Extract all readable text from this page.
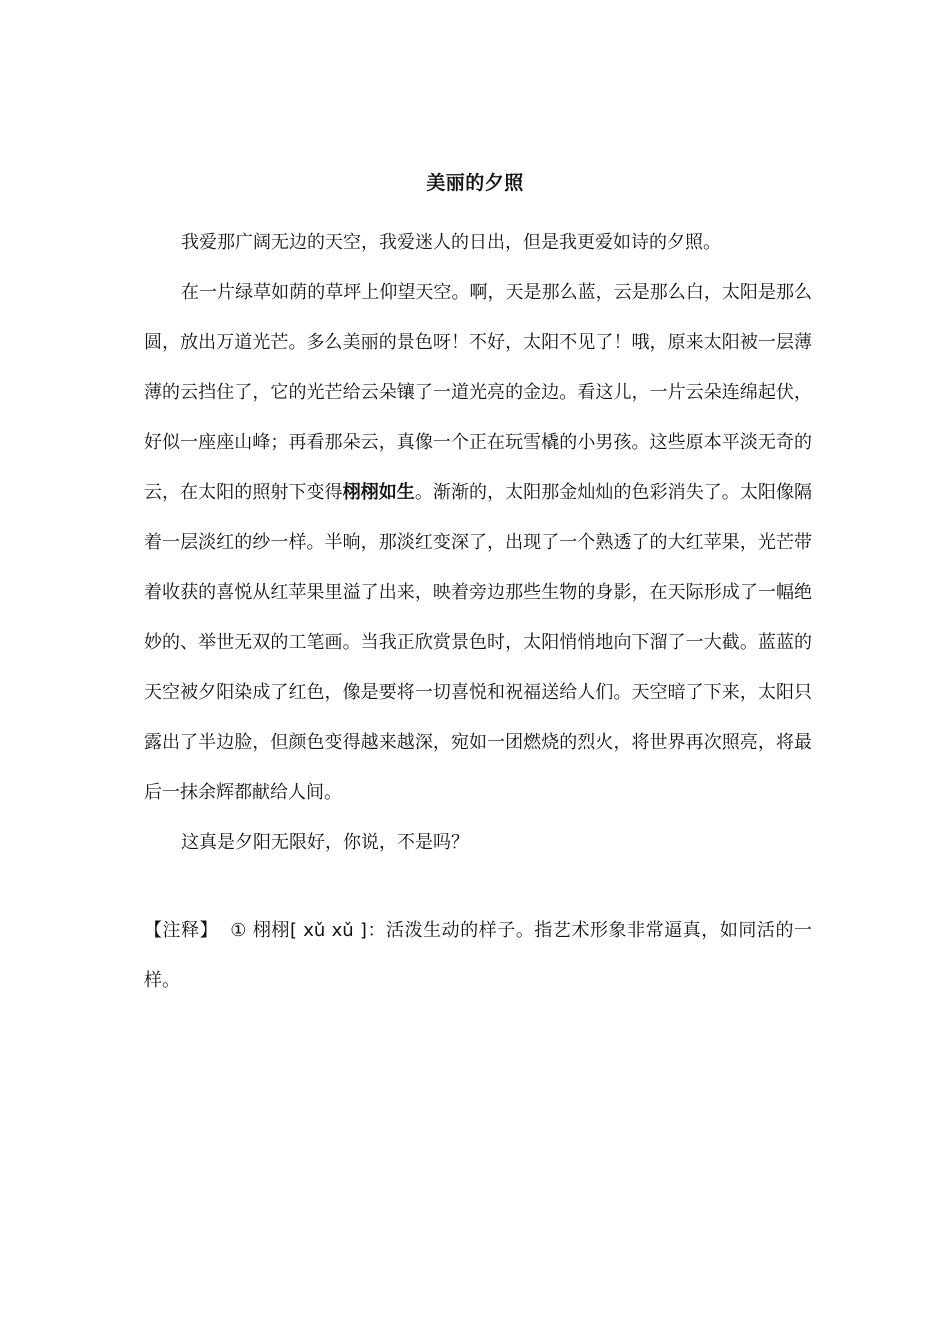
美丽的夕照

我爱那广阔无边的天空，我爱迷人的日出，但是我更爱如诗的夕照。

在一片绿草如荫的草坪上仰望天空。啊，天是那么蓝，云是那么白，太阳是那么圆，放出万道光芒。多么美丽的景色呀！不好，太阳不见了！哦，原来太阳被一层薄薄的云挡住了，它的光芒给云朵镶了一道光亮的金边。看这儿，一片云朵连绵起伏，好似一座座山峰；再看那朵云，真像一个正在玩雪橇的小男孩。这些原本平淡无奇的云，在太阳的照射下变得栩栩如生。渐渐的，太阳那金灿灿的色彩消失了。太阳像隔着一层淡红的纱一样。半晌，那淡红变深了，出现了一个熟透了的大红苹果，光芒带着收获的喜悦从红苹果里溢了出来，映着旁边那些生物的身影，在天际形成了一幅绝妙的、举世无双的工笔画。当我正欣赏景色时，太阳悄悄地向下溜了一大截。蓝蓝的天空被夕阳染成了红色，像是要将一切喜悦和祝福送给人们。天空暗了下来，太阳只露出了半边脸，但颜色变得越来越深，宛如一团燃烧的烈火，将世界再次照亮，将最后一抹余辉都献给人间。

这真是夕阳无限好，你说，不是吗？

【注释】 ① 栩栩[ xǔ xǔ ]：活泼生动的样子。指艺术形象非常逼真，如同活的一样。
